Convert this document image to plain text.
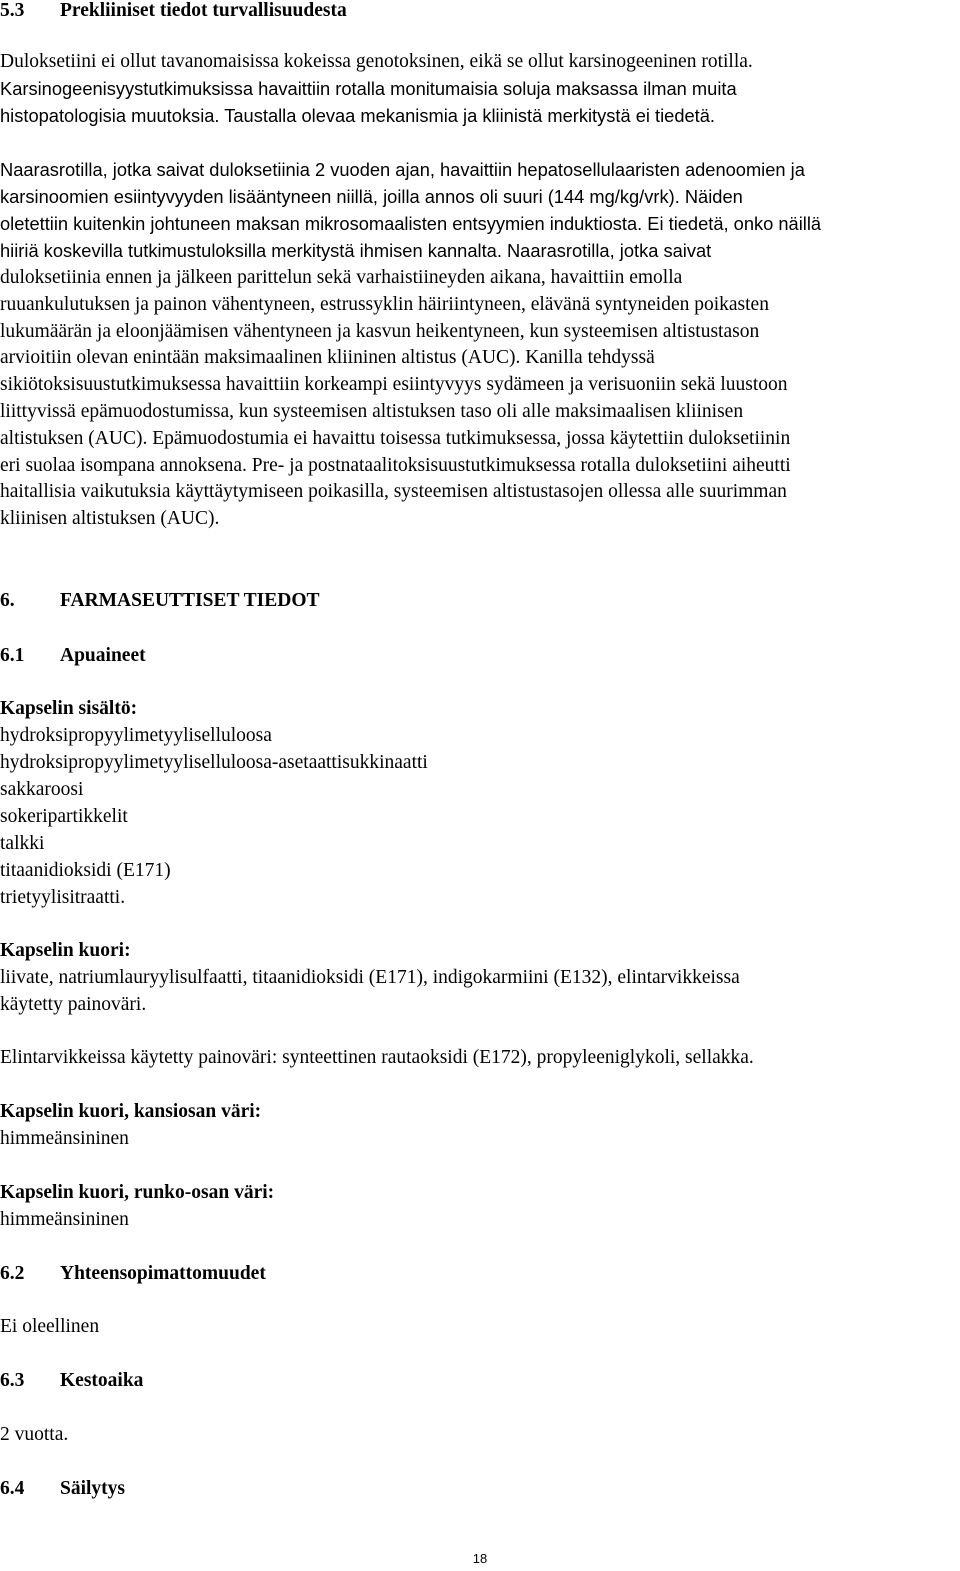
5.3 Prekliiniset tiedot turvallisuudesta
Duloksetiini ei ollut tavanomaisissa kokeissa genotoksinen, eikä se ollut karsinogeeninen rotilla.
Karsinogeenisyystutkimuksissa havaittiin rotalla monitumaisia soluja maksassa ilman muita
histopatologisia muutoksia. Taustalla olevaa mekanismia ja kliinistä merkitystä ei tiedetä.
Naarasrotilla, jotka saivat duloksetiinia 2 vuoden ajan, havaittiin hepatosellulaaristen adenoomien ja
karsinoomien esiintyvyyden lisääntyneen niillä, joilla annos oli suuri (144 mg/kg/vrk). Näiden
oletettiin kuitenkin johtuneen maksan mikrosomaalisten entsyymien induktiosta. Ei tiedetä, onko näillä
hiiriä koskevilla tutkimustuloksilla merkitystä ihmisen kannalta. Naarasrotilla, jotka saivat
duloksetiinia ennen ja jälkeen parittelun sekä varhaistiineyden aikana, havaittiin emolla
ruuankulutuksen ja painon vähentyneen, estrussyklin häiriintyneen, elävänä syntyneiden poikasten
lukumäärän ja eloonjäämisen vähentyneen ja kasvun heikentyneen, kun systeemisen altistustason
arvioitiin olevan enintään maksimaalinen kliininen altistus (AUC). Kanilla tehdyssä
sikiötoksisuustutkimuksessa havaittiin korkeampi esiintyvyys sydämeen ja verisuoniin sekä luustoon
liittyvissä epämuodostumissa, kun systeemisen altistuksen taso oli alle maksimaalisen kliinisen
altistuksen (AUC). Epämuodostumia ei havaittu toisessa tutkimuksessa, jossa käytettiin duloksetiinin
eri suolaa isompana annoksena. Pre- ja postnataalitoksisuustutkimuksessa rotalla duloksetiini aiheutti
haitallisia vaikutuksia käyttäytymiseen poikasilla, systeemisen altistustasojen ollessa alle suurimman
kliinisen altistuksen (AUC).
6. FARMASEUTTISET TIEDOT
6.1 Apuaineet
Kapselin sisältö:
hydroksipropyylimetyyliselluloosa
hydroksipropyylimetyyliselluloosa-asetaattisukkinaatti
sakkaroosi
sokeripartikkelit
talkki
titaanidioksidi (E171)
trietyylisitraatti.
Kapselin kuori:
liivate, natriumlauryylisulfaatti, titaanidioksidi (E171), indigokarmiini (E132), elintarvikkeissa
käytetty painoväri.
Elintarvikkeissa käytetty painoväri: synteettinen rautaoksidi (E172), propyleeniglykoli, sellakka.
Kapselin kuori, kansiosan väri:
himmeänsininen
Kapselin kuori, runko-osan väri:
himmeänsininen
6.2 Yhteensopimattomuudet
Ei oleellinen
6.3 Kestoaika
2 vuotta.
6.4 Säilytys
18
